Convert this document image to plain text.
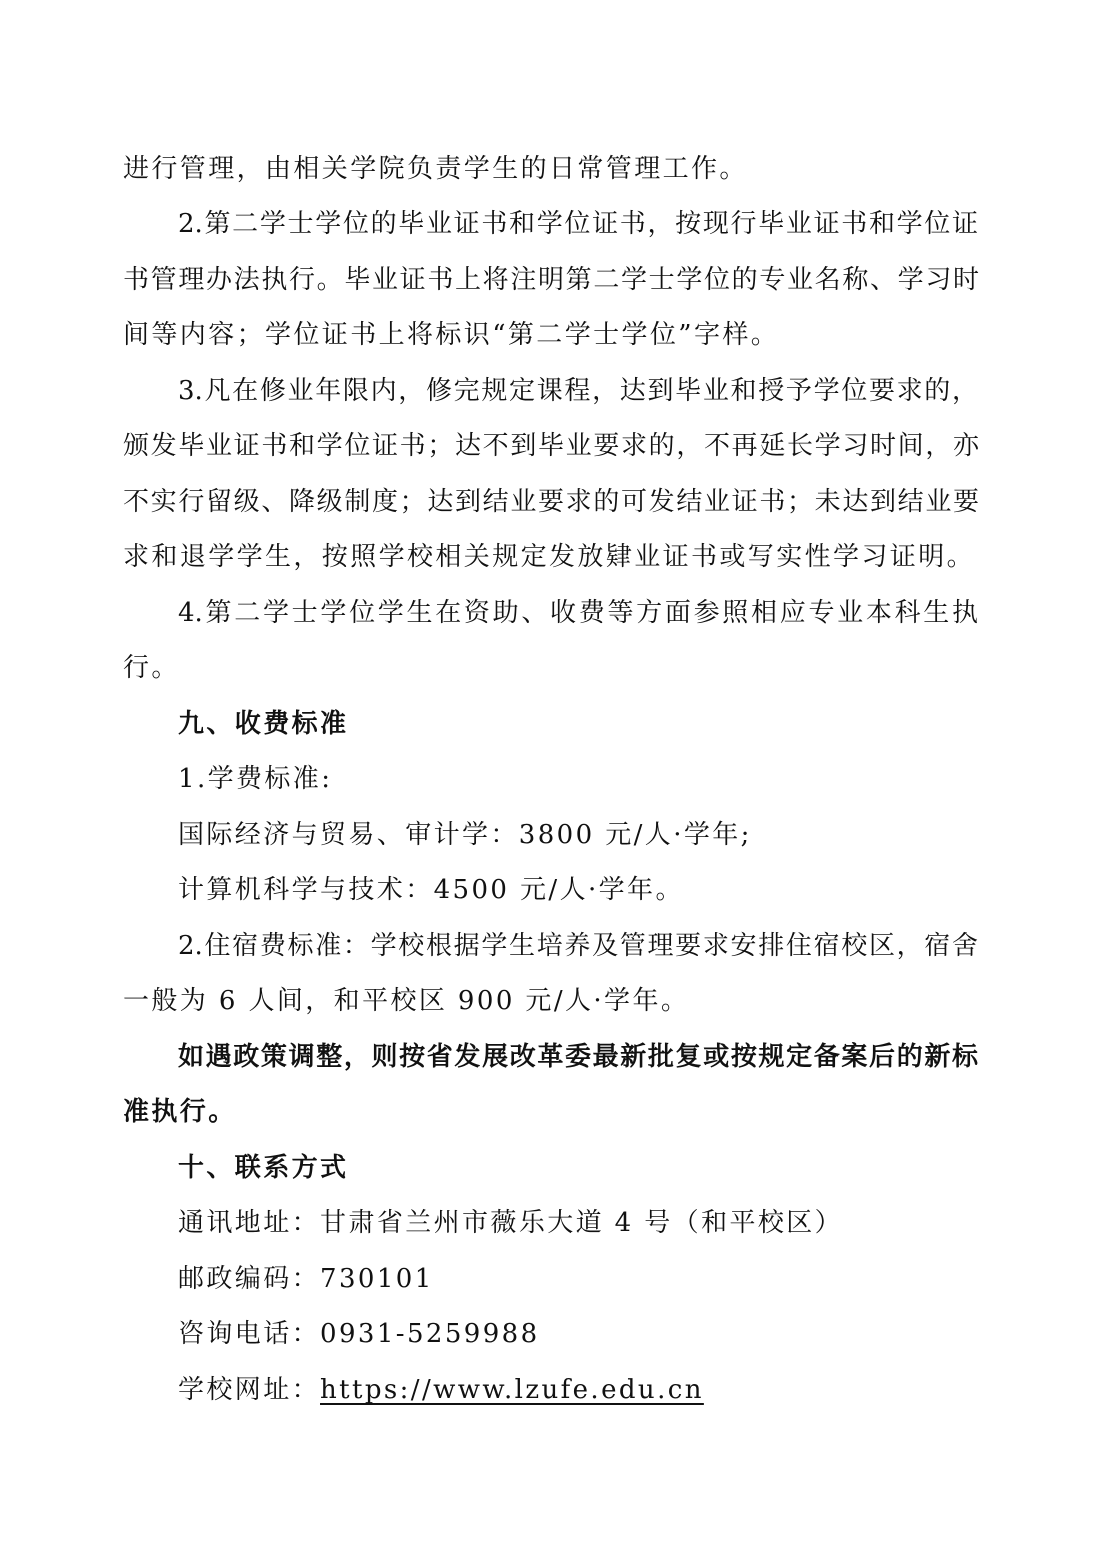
进行管理，由相关学院负责学生的日常管理工作。
2.第二学士学位的毕业证书和学位证书，按现行毕业证书和学位证
书管理办法执行。毕业证书上将注明第二学士学位的专业名称、学习时
间等内容；学位证书上将标识“第二学士学位”字样。
3.凡在修业年限内，修完规定课程，达到毕业和授予学位要求的，
颁发毕业证书和学位证书；达不到毕业要求的，不再延长学习时间，亦
不实行留级、降级制度；达到结业要求的可发结业证书；未达到结业要
求和退学学生，按照学校相关规定发放肄业证书或写实性学习证明。
4.第二学士学位学生在资助、收费等方面参照相应专业本科生执
行。
九、收费标准
1.学费标准:
国际经济与贸易、审计学：3800 元/人·学年;
计算机科学与技术：4500 元/人·学年。
2.住宿费标准：学校根据学生培养及管理要求安排住宿校区，宿舍
一般为 6 人间，和平校区 900 元/人·学年。
如遇政策调整，则按省发展改革委最新批复或按规定备案后的新标
准执行。
十、联系方式
通讯地址：甘肃省兰州市薇乐大道 4 号（和平校区）
邮政编码：730101
咨询电话：0931-5259988
学校网址：https://www.lzufe.edu.cn
